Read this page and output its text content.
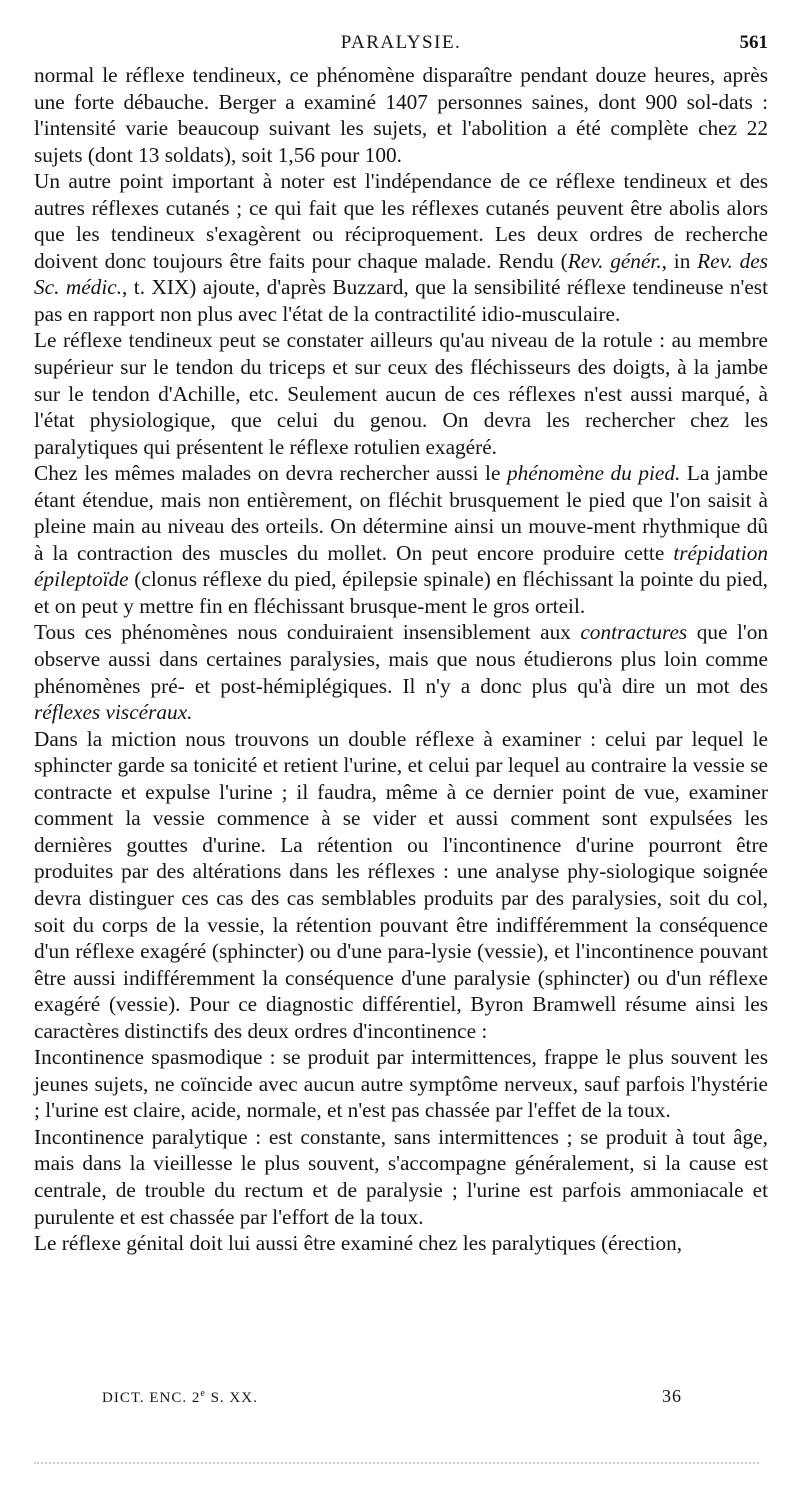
PARALYSIE.	561

normal le réflexe tendineux, ce phénomène disparaître pendant douze heures, après une forte débauche. Berger a examiné 1407 personnes saines, dont 900 sol-dats : l'intensité varie beaucoup suivant les sujets, et l'abolition a été complète chez 22 sujets (dont 13 soldats), soit 1,56 pour 100.

Un autre point important à noter est l'indépendance de ce réflexe tendineux et des autres réflexes cutanés ; ce qui fait que les réflexes cutanés peuvent être abolis alors que les tendineux s'exagèrent ou réciproquement. Les deux ordres de recherche doivent donc toujours être faits pour chaque malade. Rendu (Rev. génér., in Rev. des Sc. médic., t. XIX) ajoute, d'après Buzzard, que la sensibilité réflexe tendineuse n'est pas en rapport non plus avec l'état de la contractilité idio-musculaire.

Le réflexe tendineux peut se constater ailleurs qu'au niveau de la rotule : au membre supérieur sur le tendon du triceps et sur ceux des fléchisseurs des doigts, à la jambe sur le tendon d'Achille, etc. Seulement aucun de ces réflexes n'est aussi marqué, à l'état physiologique, que celui du genou. On devra les rechercher chez les paralytiques qui présentent le réflexe rotulien exagéré.

Chez les mêmes malades on devra rechercher aussi le phénomène du pied. La jambe étant étendue, mais non entièrement, on fléchit brusquement le pied que l'on saisit à pleine main au niveau des orteils. On détermine ainsi un mouve-ment rhythmique dû à la contraction des muscles du mollet. On peut encore produire cette trépidation épileptoïde (clonus réflexe du pied, épilepsie spinale) en fléchissant la pointe du pied, et on peut y mettre fin en fléchissant brusque-ment le gros orteil.

Tous ces phénomènes nous conduiraient insensiblement aux contractures que l'on observe aussi dans certaines paralysies, mais que nous étudierons plus loin comme phénomènes pré- et post-hémiplégiques. Il n'y a donc plus qu'à dire un mot des réflexes viscéraux.

Dans la miction nous trouvons un double réflexe à examiner : celui par lequel le sphincter garde sa tonicité et retient l'urine, et celui par lequel au contraire la vessie se contracte et expulse l'urine ; il faudra, même à ce dernier point de vue, examiner comment la vessie commence à se vider et aussi comment sont expulsées les dernières gouttes d'urine. La rétention ou l'incontinence d'urine pourront être produites par des altérations dans les réflexes : une analyse phy-siologique soignée devra distinguer ces cas des cas semblables produits par des paralysies, soit du col, soit du corps de la vessie, la rétention pouvant être indifféremment la conséquence d'un réflexe exagéré (sphincter) ou d'une para-lysie (vessie), et l'incontinence pouvant être aussi indifféremment la conséquence d'une paralysie (sphincter) ou d'un réflexe exagéré (vessie). Pour ce diagnostic différentiel, Byron Bramwell résume ainsi les caractères distinctifs des deux ordres d'incontinence :

Incontinence spasmodique : se produit par intermittences, frappe le plus souvent les jeunes sujets, ne coïncide avec aucun autre symptôme nerveux, sauf parfois l'hystérie ; l'urine est claire, acide, normale, et n'est pas chassée par l'effet de la toux.

Incontinence paralytique : est constante, sans intermittences ; se produit à tout âge, mais dans la vieillesse le plus souvent, s'accompagne généralement, si la cause est centrale, de trouble du rectum et de paralysie ; l'urine est parfois ammoniacale et purulente et est chassée par l'effort de la toux.

Le réflexe génital doit lui aussi être examiné chez les paralytiques (érection,

DICT. ENC. 2e S. XX.	36
